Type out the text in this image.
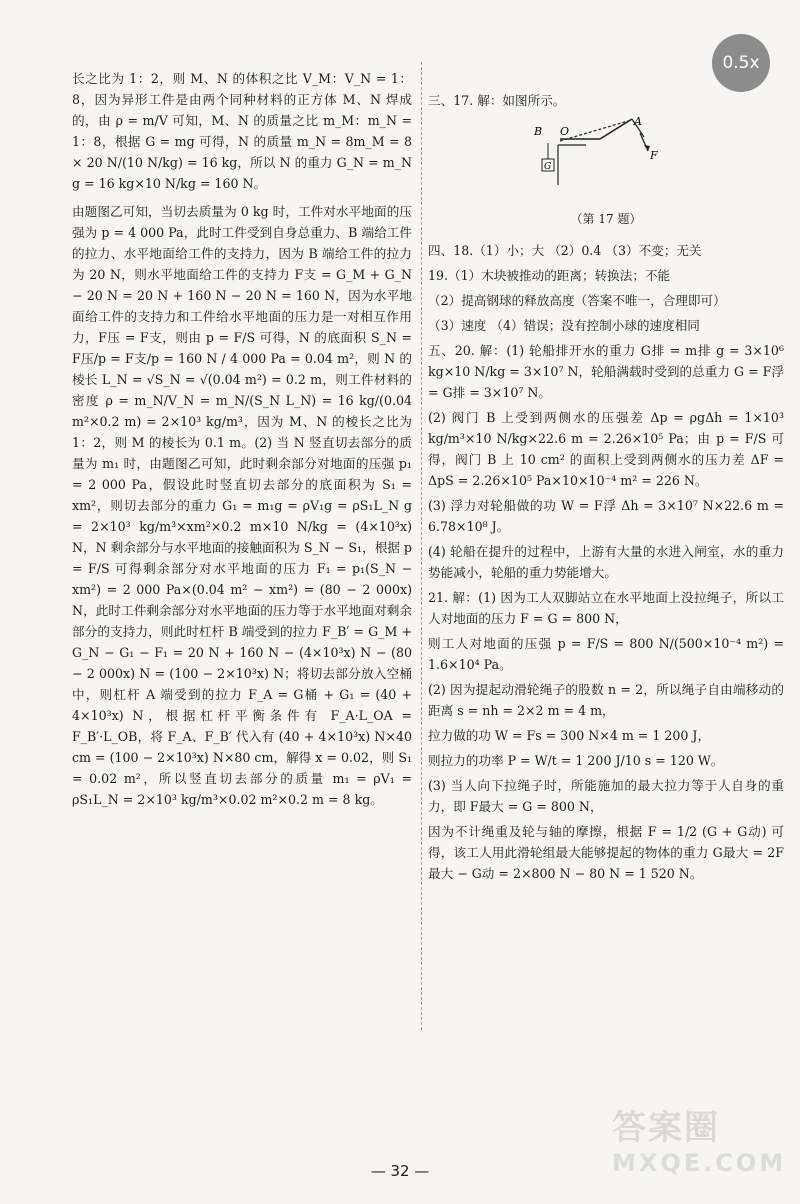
0.5x

长之比为 1：2，则 M、N 的体积之比 V_M：V_N = 1：8，因为异形工件是由两个同种材料的正方体 M、N 焊成的，由 ρ = m/V 可知，M、N 的质量之比 m_M：m_N = 1：8，根据 G = mg 可得，N 的质量 m_N = 8m_M = 8 × 20 N/(10 N/kg) = 16 kg，所以 N 的重力 G_N = m_N g = 16 kg×10 N/kg = 160 N。

由题图乙可知，当切去质量为 0 kg 时，工件对水平地面的压强为 p = 4 000 Pa，此时工件受到自身总重力、B 端给工件的拉力、水平地面给工件的支持力，因为 B 端给工件的拉力为 20 N，则水平地面给工件的支持力 F支 = G_M + G_N − 20 N = 20 N + 160 N − 20 N = 160 N，因为水平地面给工件的支持力和工件给水平地面的压力是一对相互作用力，F压 = F支，则由 p = F/S 可得，N 的底面积 S_N = F压/p = F支/p = 160 N / 4 000 Pa = 0.04 m²，则 N 的棱长 L_N = √S_N = √(0.04 m²) = 0.2 m，则工件材料的密度 ρ = m_N/V_N = m_N/(S_N L_N) = 16 kg/(0.04 m²×0.2 m) = 2×10³ kg/m³，因为 M、N 的棱长之比为 1：2，则 M 的棱长为 0.1 m。(2) 当 N 竖直切去部分的质量为 m₁ 时，由题图乙可知，此时剩余部分对地面的压强 p₁ = 2 000 Pa，假设此时竖直切去部分的底面积为 S₁ = xm²，则切去部分的重力 G₁ = m₁g = ρV₁g = ρS₁L_N g = 2×10³ kg/m³×xm²×0.2 m×10 N/kg = (4×10³x) N，N 剩余部分与水平地面的接触面积为 S_N − S₁，根据 p = F/S 可得剩余部分对水平地面的压力 F₁ = p₁(S_N − xm²) = 2 000 Pa×(0.04 m² − xm²) = (80 − 2 000x) N，此时工件剩余部分对水平地面的压力等于水平地面对剩余部分的支持力，则此时杠杆 B 端受到的拉力 F_B′ = G_M + G_N − G₁ − F₁ = 20 N + 160 N − (4×10³x) N − (80 − 2 000x) N = (100 − 2×10³x) N；将切去部分放入空桶中，则杠杆 A 端受到的拉力 F_A = G桶 + G₁ = (40 + 4×10³x) N，根据杠杆平衡条件有 F_A·L_OA = F_B′·L_OB，将 F_A、F_B′ 代入有 (40 + 4×10³x) N×40 cm = (100 − 2×10³x) N×80 cm，解得 x = 0.02，则 S₁ = 0.02 m²，所以竖直切去部分的质量 m₁ = ρV₁ = ρS₁L_N = 2×10³ kg/m³×0.02 m²×0.2 m = 8 kg。

三、17. 解：如图所示。

B O
A
G
F
（第 17 题）

四、18.（1）小；大 （2）0.4 （3）不变；无关

19.（1）木块被推动的距离；转换法；不能

（2）提高钢球的释放高度（答案不唯一，合理即可）

（3）速度 （4）错误；没有控制小球的速度相同

五、20. 解：(1) 轮船排开水的重力 G排 = m排 g = 3×10⁶ kg×10 N/kg = 3×10⁷ N，轮船满载时受到的总重力 G = F浮 = G排 = 3×10⁷ N。

(2) 阀门 B 上受到两侧水的压强差 Δp = ρgΔh = 1×10³ kg/m³×10 N/kg×22.6 m = 2.26×10⁵ Pa；由 p = F/S 可得，阀门 B 上 10 cm² 的面积上受到两侧水的压力差 ΔF = ΔpS = 2.26×10⁵ Pa×10×10⁻⁴ m² = 226 N。

(3) 浮力对轮船做的功 W = F浮 Δh = 3×10⁷ N×22.6 m = 6.78×10⁸ J。

(4) 轮船在提升的过程中，上游有大量的水进入闸室，水的重力势能减小，轮船的重力势能增大。

21. 解：(1) 因为工人双脚站立在水平地面上没拉绳子，所以工人对地面的压力 F = G = 800 N，

则工人对地面的压强 p = F/S = 800 N/(500×10⁻⁴ m²) = 1.6×10⁴ Pa。

(2) 因为提起动滑轮绳子的股数 n = 2，所以绳子自由端移动的距离 s = nh = 2×2 m = 4 m，

拉力做的功 W = Fs = 300 N×4 m = 1 200 J，

则拉力的功率 P = W/t = 1 200 J/10 s = 120 W。

(3) 当人向下拉绳子时，所能施加的最大拉力等于人自身的重力，即 F最大 = G = 800 N，

因为不计绳重及轮与轴的摩擦，根据 F = 1/2 (G + G动) 可得，该工人用此滑轮组最大能够提起的物体的重力 G最大 = 2F最大 − G动 = 2×800 N − 80 N = 1 520 N。

— 32 —
答案圈
MXQE.COM
